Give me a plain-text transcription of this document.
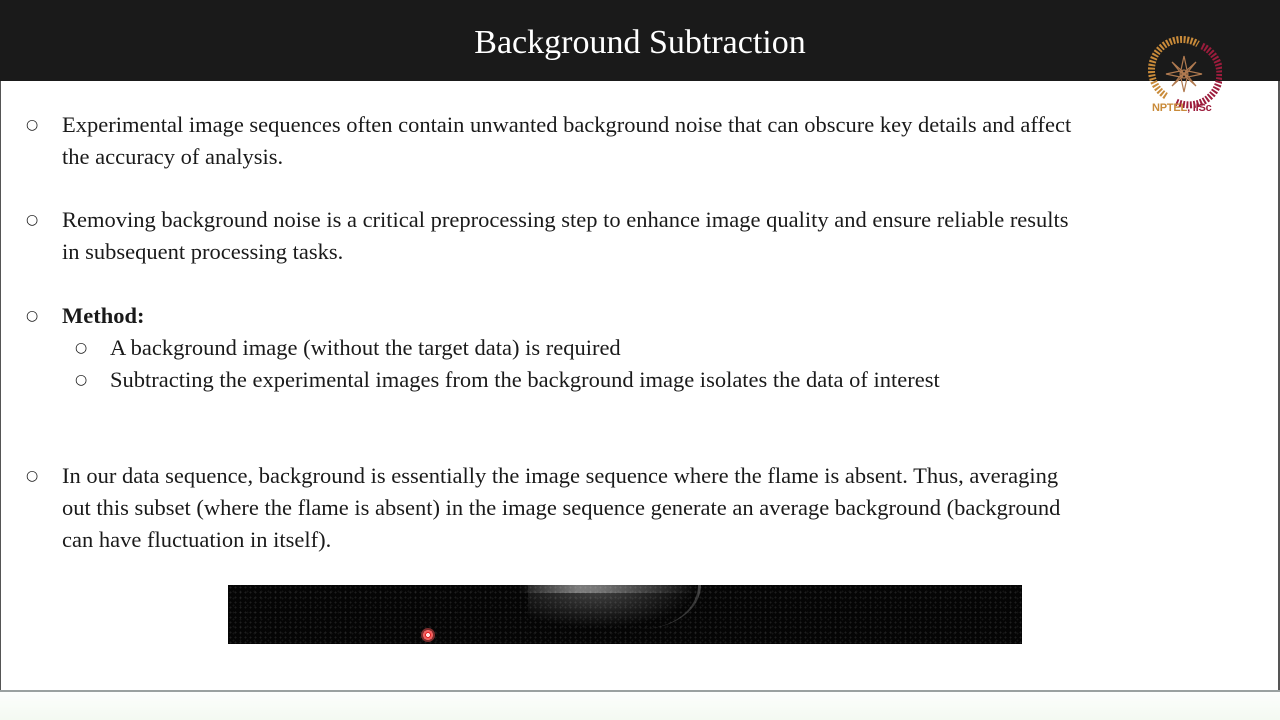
Background Subtraction
NPTEL, IISc
○ Experimental image sequences often contain unwanted background noise that can obscure key details and affect
the accuracy of analysis.
○ Removing background noise is a critical preprocessing step to enhance image quality and ensure reliable results
in subsequent processing tasks.
○ Method:
○ A background image (without the target data) is required
○ Subtracting the experimental images from the background image isolates the data of interest
○ In our data sequence, background is essentially the image sequence where the flame is absent. Thus, averaging
out this subset (where the flame is absent) in the image sequence generate an average background (background
can have fluctuation in itself).
